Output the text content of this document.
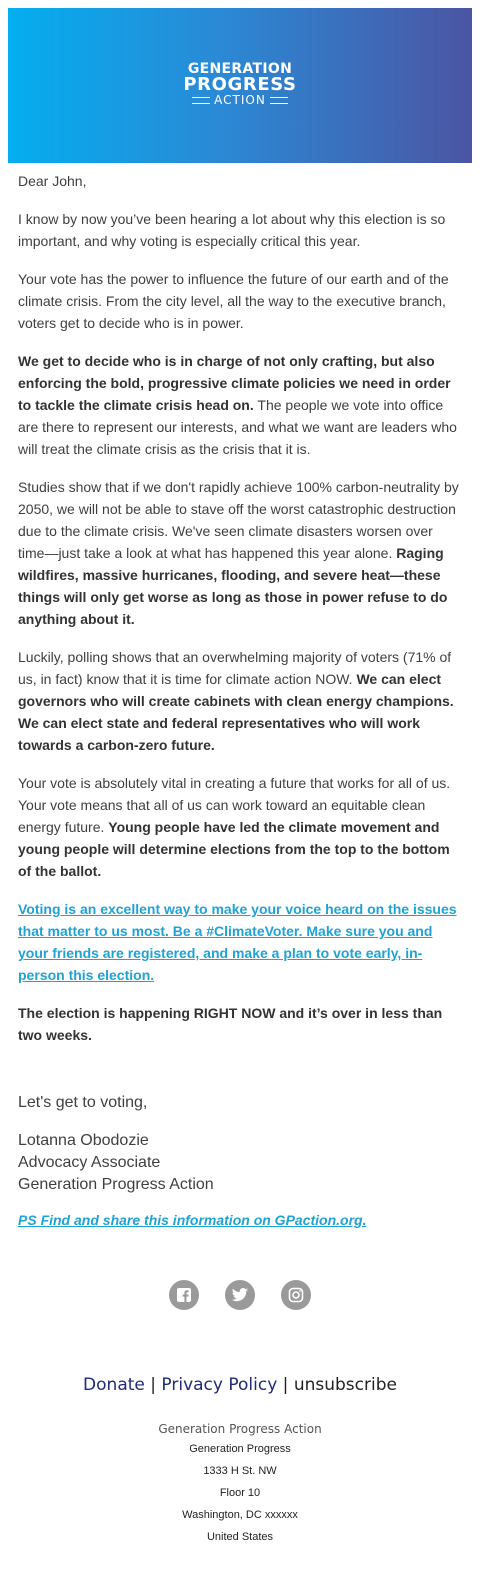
GENERATION
PROGRESS
ACTION

Dear John,

I know by now you’ve been hearing a lot about why this election is so important, and why voting is especially critical this year.

Your vote has the power to influence the future of our earth and of the climate crisis. From the city level, all the way to the executive branch, voters get to decide who is in power.

We get to decide who is in charge of not only crafting, but also enforcing the bold, progressive climate policies we need in order to tackle the climate crisis head on. The people we vote into office are there to represent our interests, and what we want are leaders who will treat the climate crisis as the crisis that it is.

Studies show that if we don't rapidly achieve 100% carbon-neutrality by 2050, we will not be able to stave off the worst catastrophic destruction due to the climate crisis. We've seen climate disasters worsen over time—just take a look at what has happened this year alone. Raging wildfires, massive hurricanes, flooding, and severe heat—these things will only get worse as long as those in power refuse to do anything about it.

Luckily, polling shows that an overwhelming majority of voters (71% of us, in fact) know that it is time for climate action NOW. We can elect governors who will create cabinets with clean energy champions. We can elect state and federal representatives who will work towards a carbon-zero future.

Your vote is absolutely vital in creating a future that works for all of us. Your vote means that all of us can work toward an equitable clean energy future. Young people have led the climate movement and young people will determine elections from the top to the bottom of the ballot.

Voting is an excellent way to make your voice heard on the issues that matter to us most. Be a #ClimateVoter. Make sure you and your friends are registered, and make a plan to vote early, in-person this election.

The election is happening RIGHT NOW and it’s over in less than two weeks.

Let's get to voting,
Lotanna Obodozie
Advocacy Associate
Generation Progress Action
PS Find and share this information on GPaction.org.
Donate | Privacy Policy | unsubscribe
Generation Progress Action
Generation Progress
1333 H St. NW
Floor 10
Washington, DC xxxxxx
United States
